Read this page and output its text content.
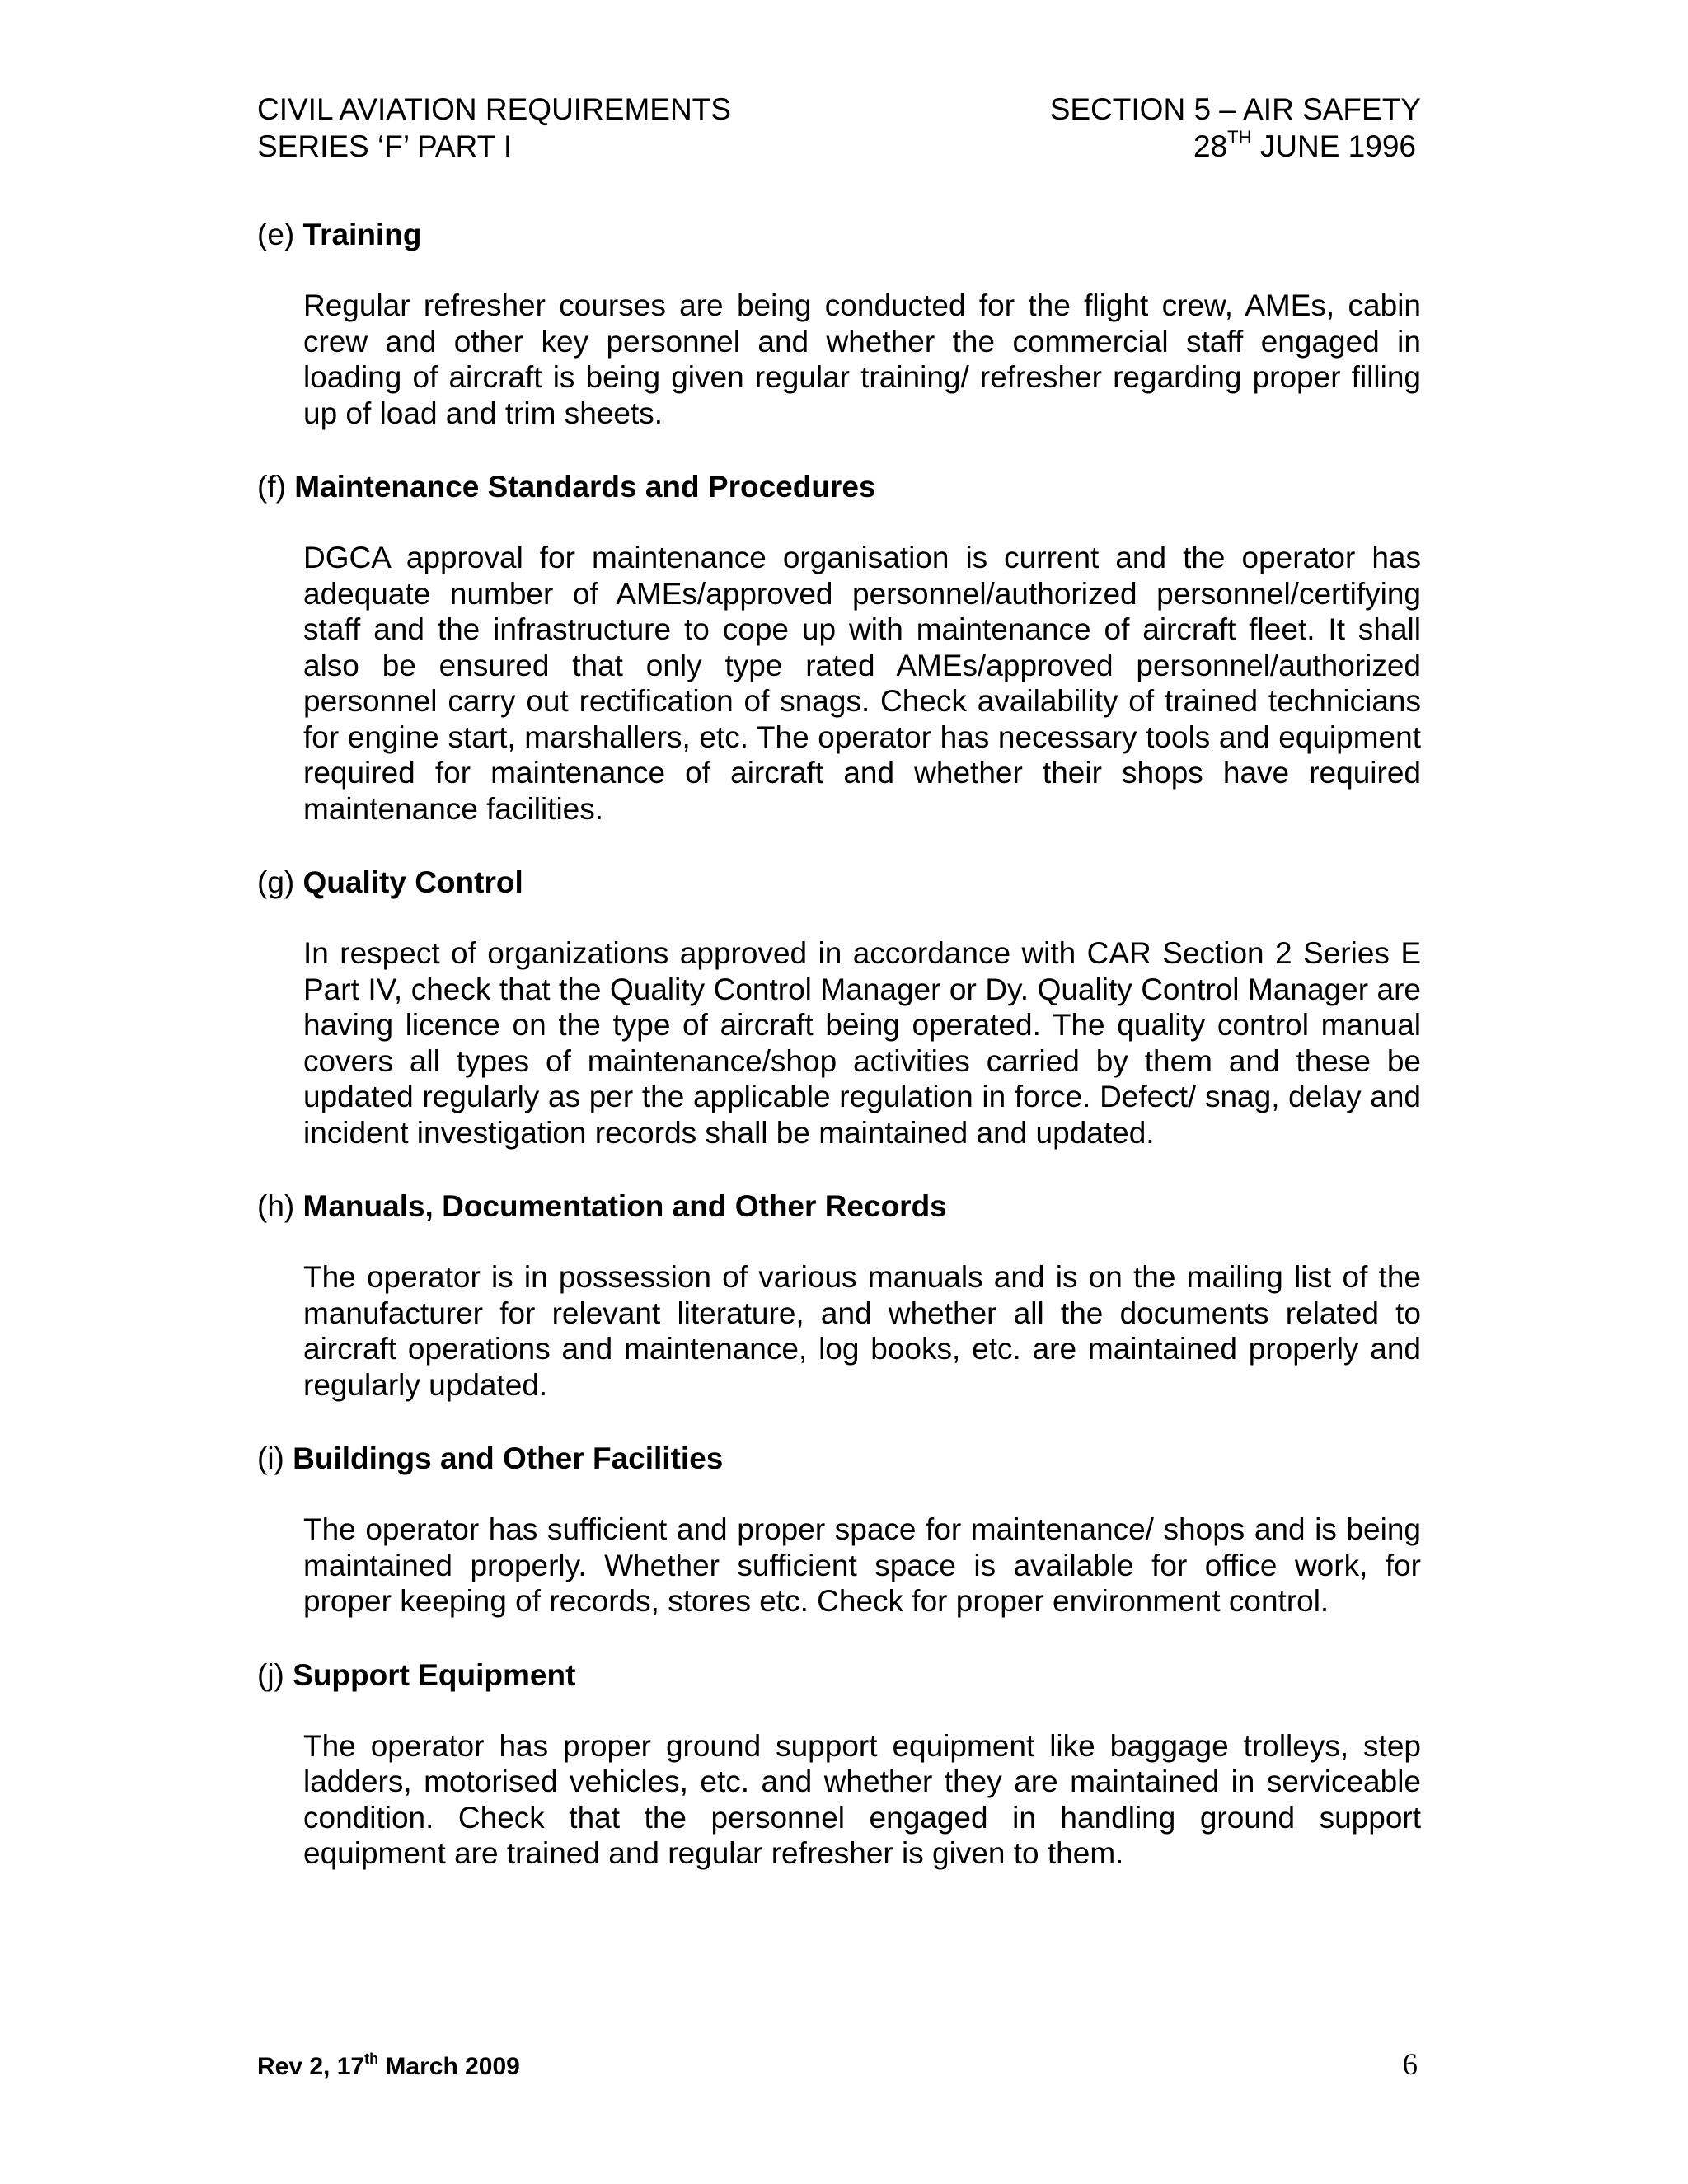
CIVIL AVIATION REQUIREMENTS	SECTION 5 – AIR SAFETY
SERIES ‘F’ PART I	28TH JUNE 1996

(e) Training

Regular refresher courses are being conducted for the flight crew, AMEs, cabin crew and other key personnel and whether the commercial staff engaged in loading of aircraft is being given regular training/ refresher regarding proper filling up of load and trim sheets.

(f) Maintenance Standards and Procedures

DGCA approval for maintenance organisation is current and the operator has adequate number of AMEs/approved personnel/authorized personnel/certifying staff and the infrastructure to cope up with maintenance of aircraft fleet. It shall also be ensured that only type rated AMEs/approved personnel/authorized personnel carry out rectification of snags. Check availability of trained technicians for engine start, marshallers, etc. The operator has necessary tools and equipment required for maintenance of aircraft and whether their shops have required maintenance facilities.

(g) Quality Control

In respect of organizations approved in accordance with CAR Section 2 Series E Part IV, check that the Quality Control Manager or Dy. Quality Control Manager are having licence on the type of aircraft being operated. The quality control manual covers all types of maintenance/shop activities carried by them and these be updated regularly as per the applicable regulation in force. Defect/ snag, delay and incident investigation records shall be maintained and updated.

(h) Manuals, Documentation and Other Records

The operator is in possession of various manuals and is on the mailing list of the manufacturer for relevant literature, and whether all the documents related to aircraft operations and maintenance, log books, etc. are maintained properly and regularly updated.

(i) Buildings and Other Facilities

The operator has sufficient and proper space for maintenance/ shops and is being maintained properly. Whether sufficient space is available for office work, for proper keeping of records, stores etc. Check for proper environment control.

(j) Support Equipment

The operator has proper ground support equipment like baggage trolleys, step ladders, motorised vehicles, etc. and whether they are maintained in serviceable condition. Check that the personnel engaged in handling ground support equipment are trained and regular refresher is given to them.

Rev 2, 17th March 2009	6
